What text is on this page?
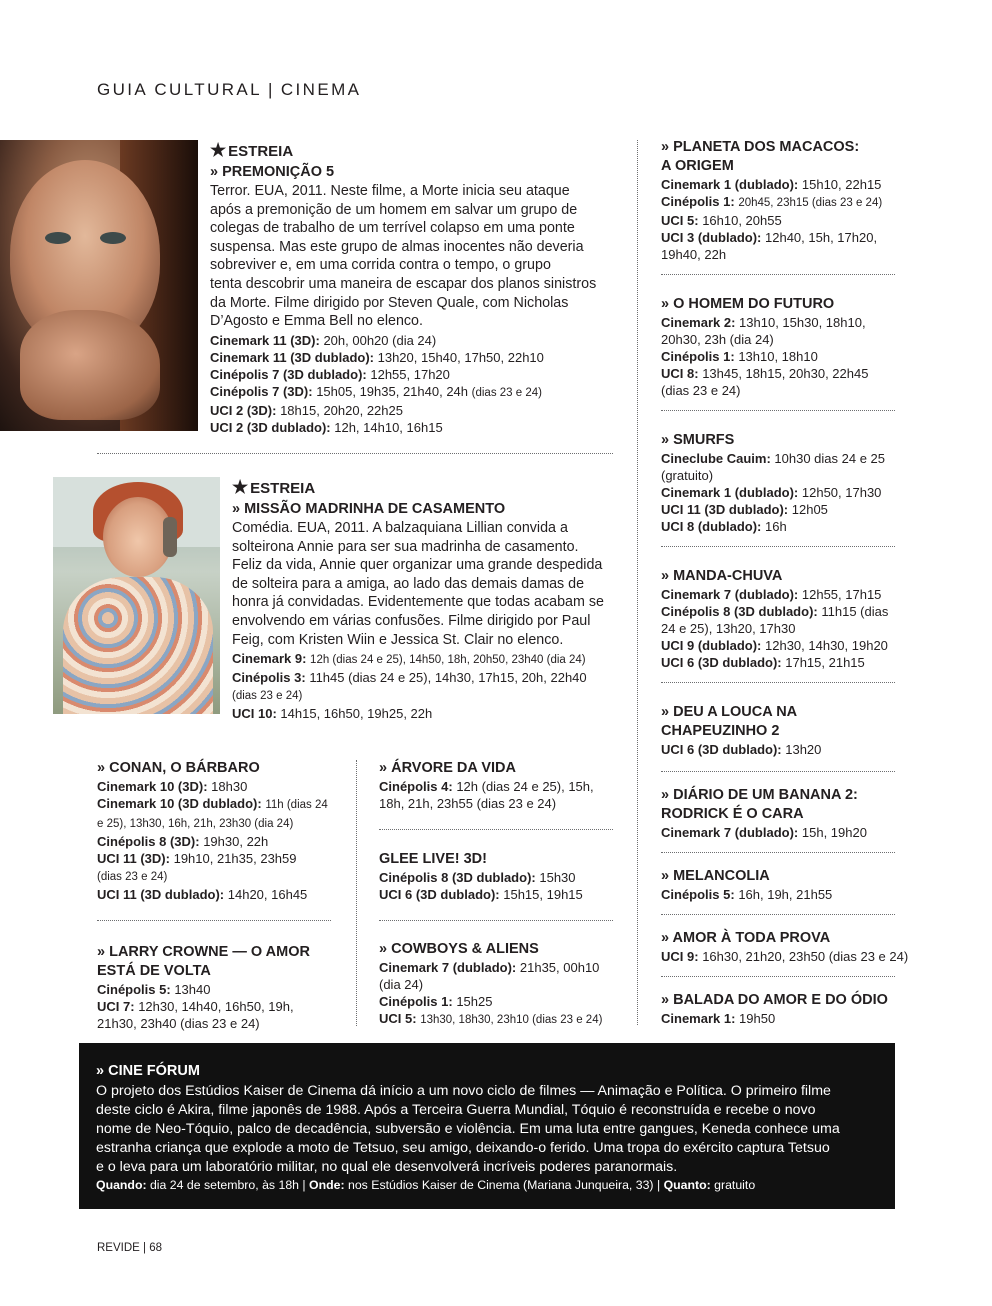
GUIA CULTURAL | CINEMA
★ ESTREIA
» PREMONIÇÃO 5
Terror. EUA, 2011. Neste filme, a Morte inicia seu ataque
após a premonição de um homem em salvar um grupo de
colegas de trabalho de um terrível colapso em uma ponte
suspensa. Mas este grupo de almas inocentes não deveria
sobreviver e, em uma corrida contra o tempo, o grupo
tenta descobrir uma maneira de escapar dos planos sinistros
da Morte. Filme dirigido por Steven Quale, com Nicholas
D’Agosto e Emma Bell no elenco.
Cinemark 11 (3D): 20h, 00h20 (dia 24)
Cinemark 11 (3D dublado): 13h20, 15h40, 17h50, 22h10
Cinépolis 7 (3D dublado): 12h55, 17h20
Cinépolis 7 (3D): 15h05, 19h35, 21h40, 24h (dias 23 e 24)
UCI 2 (3D): 18h15, 20h20, 22h25
UCI 2 (3D dublado): 12h, 14h10, 16h15
★ ESTREIA
» MISSÃO MADRINHA DE CASAMENTO
Comédia. EUA, 2011. A balzaquiana Lillian convida a
solteirona Annie para ser sua madrinha de casamento.
Feliz da vida, Annie quer organizar uma grande despedida
de solteira para a amiga, ao lado das demais damas de
honra já convidadas. Evidentemente que todas acabam se
envolvendo em várias confusões. Filme dirigido por Paul
Feig, com Kristen Wiin e Jessica St. Clair no elenco.
Cinemark 9: 12h (dias 24 e 25), 14h50, 18h, 20h50, 23h40 (dia 24)
Cinépolis 3: 11h45 (dias 24 e 25), 14h30, 17h15, 20h, 22h40
(dias 23 e 24)
UCI 10: 14h15, 16h50, 19h25, 22h
» CONAN, O BÁRBARO
Cinemark 10 (3D): 18h30
Cinemark 10 (3D dublado): 11h (dias 24
e 25), 13h30, 16h, 21h, 23h30 (dia 24)
Cinépolis 8 (3D): 19h30, 22h
UCI 11 (3D): 19h10, 21h35, 23h59
(dias 23 e 24)
UCI 11 (3D dublado): 14h20, 16h45
» LARRY CROWNE — O AMOR
ESTÁ DE VOLTA
Cinépolis 5: 13h40
UCI 7: 12h30, 14h40, 16h50, 19h,
21h30, 23h40 (dias 23 e 24)
» ÁRVORE DA VIDA
Cinépolis 4: 12h (dias 24 e 25), 15h,
18h, 21h, 23h55 (dias 23 e 24)
GLEE LIVE! 3D!
Cinépolis 8 (3D dublado): 15h30
UCI 6 (3D dublado): 15h15, 19h15
» COWBOYS & ALIENS
Cinemark 7 (dublado): 21h35, 00h10
(dia 24)
Cinépolis 1: 15h25
UCI 5: 13h30, 18h30, 23h10 (dias 23 e 24)
» PLANETA DOS MACACOS:
A ORIGEM
Cinemark 1 (dublado): 15h10, 22h15
Cinépolis 1: 20h45, 23h15 (dias 23 e 24)
UCI 5: 16h10, 20h55
UCI 3 (dublado): 12h40, 15h, 17h20,
19h40, 22h
» O HOMEM DO FUTURO
Cinemark 2: 13h10, 15h30, 18h10,
20h30, 23h (dia 24)
Cinépolis 1: 13h10, 18h10
UCI 8: 13h45, 18h15, 20h30, 22h45
(dias 23 e 24)
» SMURFS
Cineclube Cauim: 10h30 dias 24 e 25
(gratuito)
Cinemark 1 (dublado): 12h50, 17h30
UCI 11 (3D dublado): 12h05
UCI 8 (dublado): 16h
» MANDA-CHUVA
Cinemark 7 (dublado): 12h55, 17h15
Cinépolis 8 (3D dublado): 11h15 (dias
24 e 25), 13h20, 17h30
UCI 9 (dublado): 12h30, 14h30, 19h20
UCI 6 (3D dublado): 17h15, 21h15
» DEU A LOUCA NA
CHAPEUZINHO 2
UCI 6 (3D dublado): 13h20
» DIÁRIO DE UM BANANA 2:
RODRICK É O CARA
Cinemark 7 (dublado): 15h, 19h20
» MELANCOLIA
Cinépolis 5: 16h, 19h, 21h55
» AMOR À TODA PROVA
UCI 9: 16h30, 21h20, 23h50 (dias 23 e 24)
» BALADA DO AMOR E DO ÓDIO
Cinemark 1: 19h50
» CINE FÓRUM
O projeto dos Estúdios Kaiser de Cinema dá início a um novo ciclo de filmes — Animação e Política. O primeiro filme
deste ciclo é Akira, filme japonês de 1988. Após a Terceira Guerra Mundial, Tóquio é reconstruída e recebe o novo
nome de Neo-Tóquio, palco de decadência, subversão e violência. Em uma luta entre gangues, Keneda conhece uma
estranha criança que explode a moto de Tetsuo, seu amigo, deixando-o ferido. Uma tropa do exército captura Tetsuo
e o leva para um laboratório militar, no qual ele desenvolverá incríveis poderes paranormais.
Quando: dia 24 de setembro, às 18h | Onde: nos Estúdios Kaiser de Cinema (Mariana Junqueira, 33) | Quanto: gratuito
REVIDE | 68
